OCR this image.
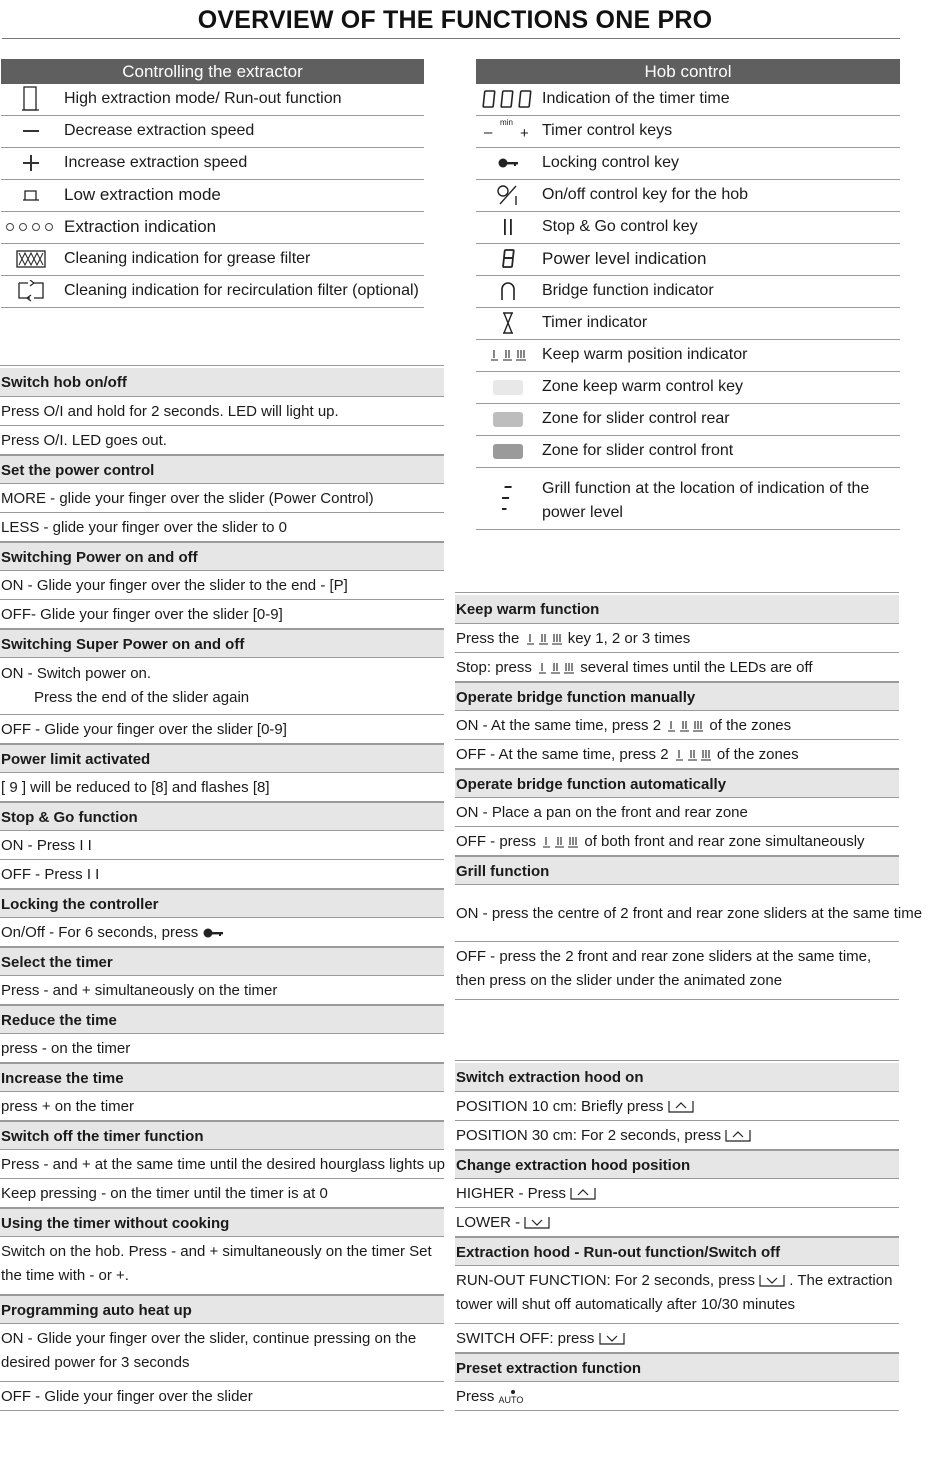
OVERVIEW OF THE FUNCTIONS ONE PRO
Controlling the extractor
High extraction mode/ Run-out function
Decrease extraction speed
Increase extraction speed
Low extraction mode
Extraction indication
Cleaning indication for grease filter
Cleaning indication for recirculation filter (optional)
Hob control
Indication of the timer time
–
min
+ Timer control keys
Locking control key
On/off control key for the hob
Stop & Go control key
Power level indication
Bridge function indicator
Timer indicator
Keep warm position indicator
Zone keep warm control key
Zone for slider control rear
Zone for slider control front
Grill function at the location of indication of the power level
Switch hob on/off
Press O/I and hold for 2 seconds. LED will light up.
Press O/I. LED goes out.
Set the power control
MORE - glide your finger over the slider (Power Control)
LESS - glide your finger over the slider to 0
Switching Power on and off
ON - Glide your finger over the slider to the end - [P]
OFF- Glide your finger over the slider [0-9]
Switching Super Power on and off
ON - Switch power on.
Press the end of the slider again
OFF - Glide your finger over the slider [0-9]
Power limit activated
[ 9 ] will be reduced to [8] and flashes [8]
Stop & Go function
ON - Press I I
OFF - Press I I
Locking the controller
On/Off - For 6 seconds, press
Select the timer
Press - and + simultaneously on the timer
Reduce the time
press - on the timer
Increase the time
press + on the timer
Switch off the timer function
Press - and + at the same time until the desired hourglass lights up
Keep pressing - on the timer until the timer is at 0
Using the timer without cooking
Switch on the hob. Press - and + simultaneously on the timer Set the time with - or +.
Programming auto heat up
ON - Glide your finger over the slider, continue pressing on the desired power for 3 seconds
OFF - Glide your finger over the slider
Keep warm function
Press the	key 1, 2 or 3 times
Stop: press	several times until the LEDs are off
Operate bridge function manually
ON - At the same time, press 2	of the zones
OFF - At the same time, press 2	of the zones
Operate bridge function automatically
ON - Place a pan on the front and rear zone
OFF - press	of both front and rear zone simultaneously
Grill function
ON - press the centre of 2 front and rear zone sliders at the same time
OFF - press the 2 front and rear zone sliders at the same time, then press on the slider under the animated zone
Switch extraction hood on
POSITION 10 cm: Briefly press
POSITION 30 cm: For 2 seconds, press
Change extraction hood position
HIGHER - Press
LOWER -
Extraction hood - Run-out function/Switch off
RUN-OUT FUNCTION: For 2 seconds, press . The extraction tower will shut off automatically after 10/30 minutes
SWITCH OFF: press
Preset extraction function
Press AUTO
